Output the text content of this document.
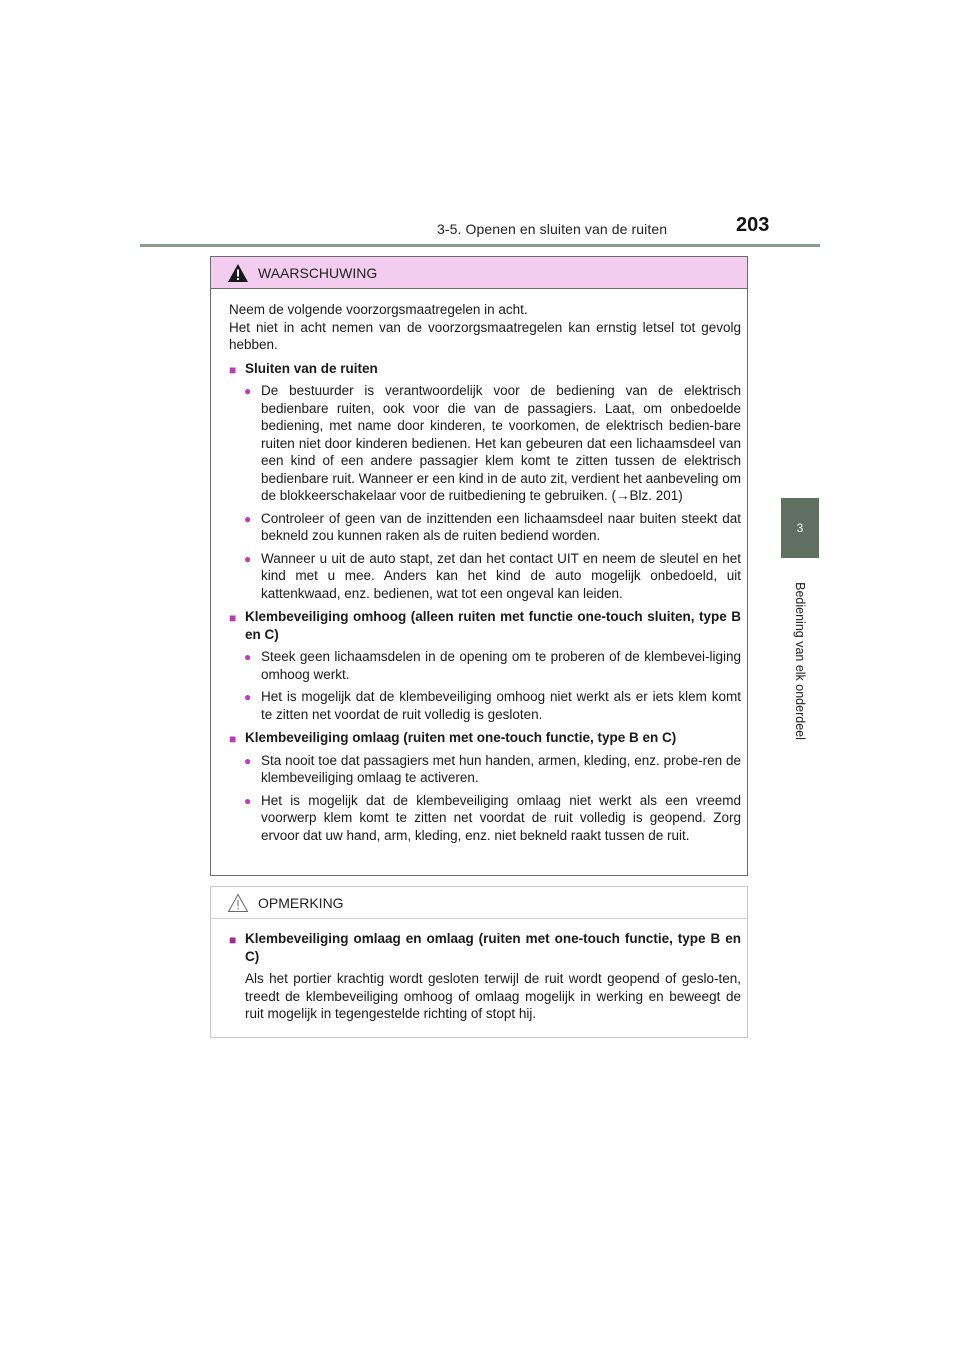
3-5. Openen en sluiten van de ruiten	203
3
Bediening van elk onderdeel
WAARSCHUWING

Neem de volgende voorzorgsmaatregelen in acht.

Het niet in acht nemen van de voorzorgsmaatregelen kan ernstig letsel tot gevolg hebben.

■ Sluiten van de ruiten
● De bestuurder is verantwoordelijk voor de bediening van de elektrisch bedienbare ruiten, ook voor die van de passagiers. Laat, om onbedoelde bediening, met name door kinderen, te voorkomen, de elektrisch bedien-bare ruiten niet door kinderen bedienen. Het kan gebeuren dat een lichaamsdeel van een kind of een andere passagier klem komt te zitten tussen de elektrisch bedienbare ruit. Wanneer er een kind in de auto zit, verdient het aanbeveling om de blokkeerschakelaar voor de ruitbediening te gebruiken. (→Blz. 201)
● Controleer of geen van de inzittenden een lichaamsdeel naar buiten steekt dat bekneld zou kunnen raken als de ruiten bediend worden.
● Wanneer u uit de auto stapt, zet dan het contact UIT en neem de sleutel en het kind met u mee. Anders kan het kind de auto mogelijk onbedoeld, uit kattenkwaad, enz. bedienen, wat tot een ongeval kan leiden.
■ Klembeveiliging omhoog (alleen ruiten met functie one-touch sluiten, type B en C)
● Steek geen lichaamsdelen in de opening om te proberen of de klembevei-liging omhoog werkt.
● Het is mogelijk dat de klembeveiliging omhoog niet werkt als er iets klem komt te zitten net voordat de ruit volledig is gesloten.
■ Klembeveiliging omlaag (ruiten met one-touch functie, type B en C)
● Sta nooit toe dat passagiers met hun handen, armen, kleding, enz. probe-ren de klembeveiliging omlaag te activeren.
● Het is mogelijk dat de klembeveiliging omlaag niet werkt als een vreemd voorwerp klem komt te zitten net voordat de ruit volledig is geopend. Zorg ervoor dat uw hand, arm, kleding, enz. niet bekneld raakt tussen de ruit.
OPMERKING
■ Klembeveiliging omlaag en omlaag (ruiten met one-touch functie, type B en C)
Als het portier krachtig wordt gesloten terwijl de ruit wordt geopend of geslo-ten, treedt de klembeveiliging omhoog of omlaag mogelijk in werking en beweegt de ruit mogelijk in tegengestelde richting of stopt hij.
